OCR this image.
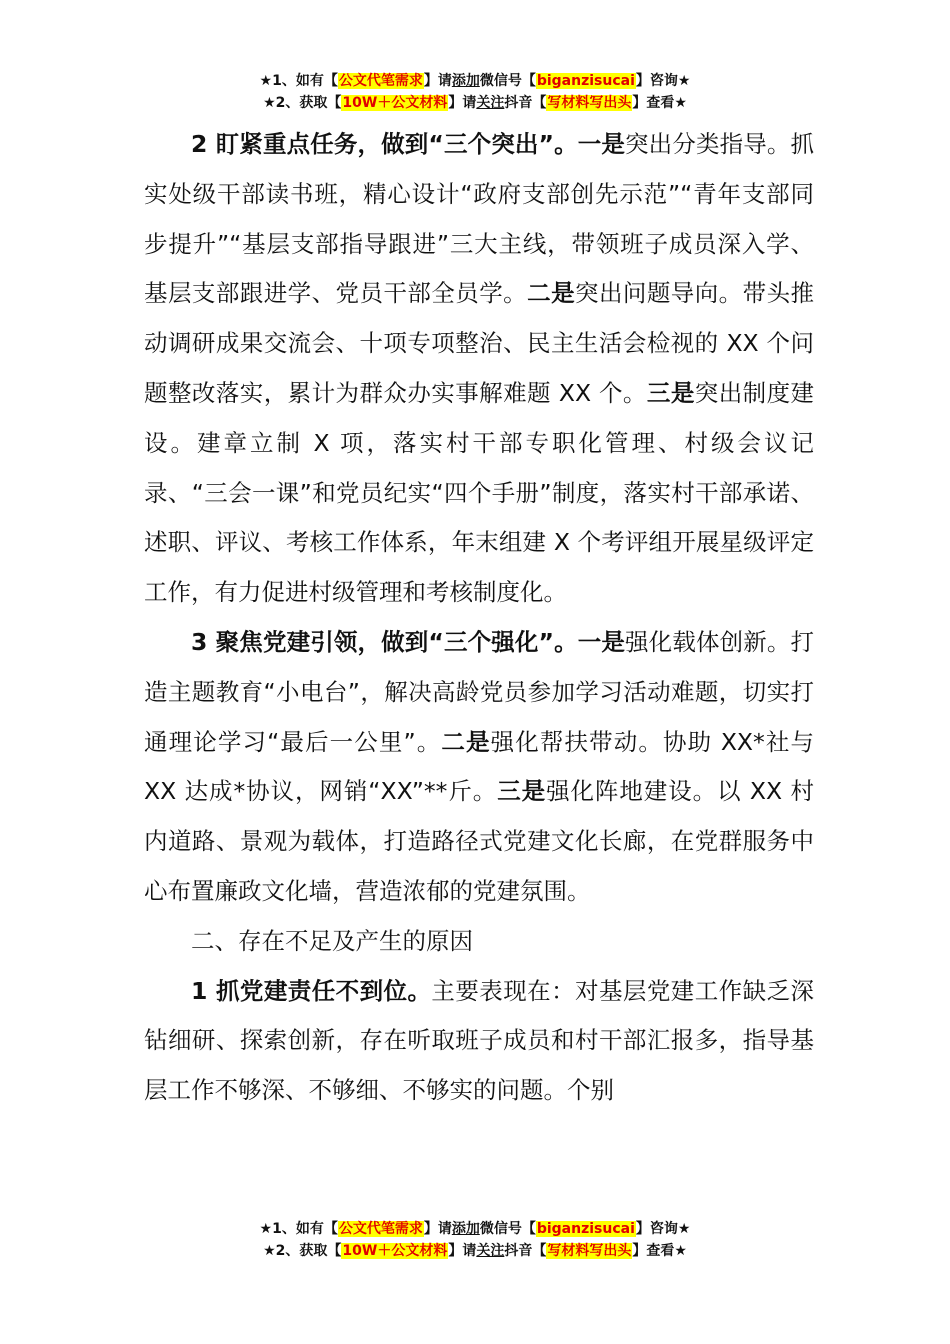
★1、如有【公文代笔需求】请添加微信号【biganzisucai】咨询★
★2、获取【10W＋公文材料】请关注抖音【写材料写出头】查看★

2 盯紧重点任务，做到“三个突出”。一是突出分类指导。抓实处级干部读书班，精心设计“政府支部创先示范”“青年支部同步提升”“基层支部指导跟进”三大主线，带领班子成员深入学、基层支部跟进学、党员干部全员学。二是突出问题导向。带头推动调研成果交流会、十项专项整治、民主生活会检视的 XX 个问题整改落实，累计为群众办实事解难题 XX 个。三是突出制度建设。建章立制 X 项，落实村干部专职化管理、村级会议记录、“三会一课”和党员纪实“四个手册”制度，落实村干部承诺、述职、评议、考核工作体系，年末组建 X 个考评组开展星级评定工作，有力促进村级管理和考核制度化。

3 聚焦党建引领，做到“三个强化”。一是强化载体创新。打造主题教育“小电台”，解决高龄党员参加学习活动难题，切实打通理论学习“最后一公里”。二是强化帮扶带动。协助 XX*社与 XX 达成*协议，网销“XX”**斤。三是强化阵地建设。以 XX 村内道路、景观为载体，打造路径式党建文化长廊，在党群服务中心布置廉政文化墙，营造浓郁的党建氛围。

二、存在不足及产生的原因

1 抓党建责任不到位。主要表现在：对基层党建工作缺乏深钻细研、探索创新，存在听取班子成员和村干部汇报多，指导基层工作不够深、不够细、不够实的问题。个别

★1、如有【公文代笔需求】请添加微信号【biganzisucai】咨询★
★2、获取【10W＋公文材料】请关注抖音【写材料写出头】查看★
